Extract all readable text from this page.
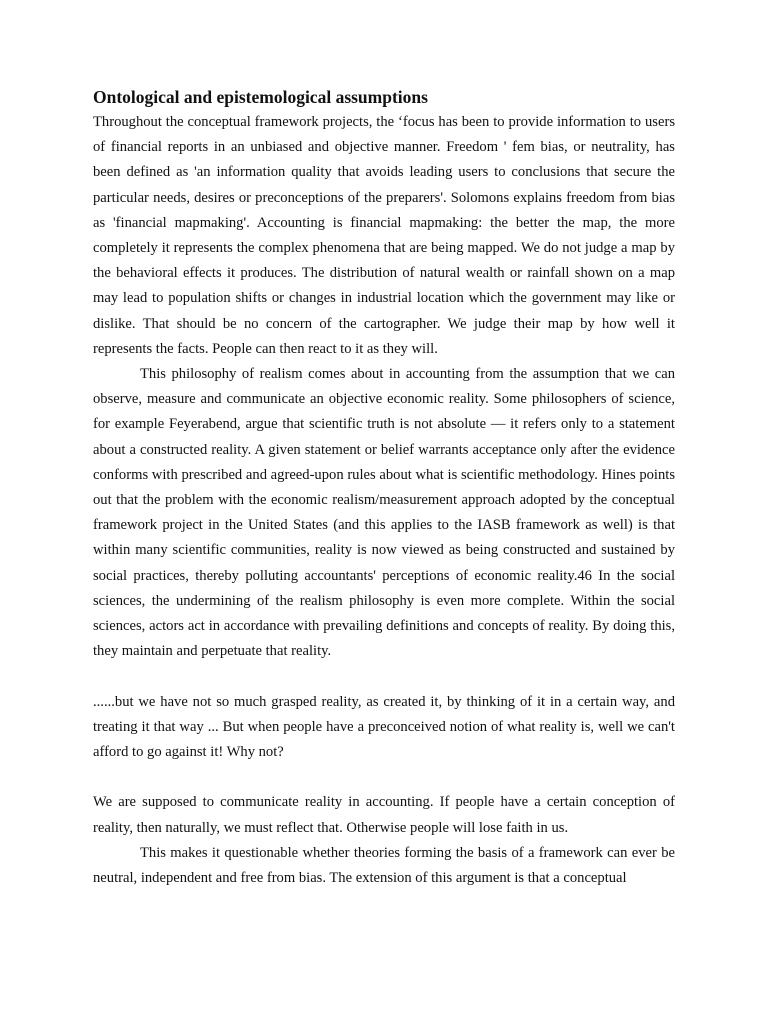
Ontological and epistemological assumptions

Throughout the conceptual framework projects, the ‘focus has been to provide information to users of financial reports in an unbiased and objective manner. Freedom ' fem bias, or neutrality, has been defined as 'an information quality that avoids leading users to conclusions that secure the particular needs, desires or preconceptions of the preparers'. Solomons explains freedom from bias as 'financial mapmaking'. Accounting is financial mapmaking: the better the map, the more completely it represents the complex phenomena that are being mapped. We do not judge a map by the behavioral effects it produces. The distribution of natural wealth or rainfall shown on a map may lead to population shifts or changes in industrial location which the government may like or dislike. That should be no concern of the cartographer. We judge their map by how well it represents the facts. People can then react to it as they will.

This philosophy of realism comes about in accounting from the assumption that we can observe, measure and communicate an objective economic reality. Some philosophers of science, for example Feyerabend, argue that scientific truth is not absolute — it refers only to a statement about a constructed reality. A given statement or belief warrants acceptance only after the evidence conforms with prescribed and agreed-upon rules about what is scientific methodology. Hines points out that the problem with the economic realism/measurement approach adopted by the conceptual framework project in the United States (and this applies to the IASB framework as well) is that within many scientific communities, reality is now viewed as being constructed and sustained by social practices, thereby polluting accountants' perceptions of economic reality.46 In the social sciences, the undermining of the realism philosophy is even more complete. Within the social sciences, actors act in accordance with prevailing definitions and concepts of reality. By doing this, they maintain and perpetuate that reality.

......but we have not so much grasped reality, as created it, by thinking of it in a certain way, and treating it that way ... But when people have a preconceived notion of what reality is, well we can't afford to go against it! Why not?

We are supposed to communicate reality in accounting. If people have a certain conception of reality, then naturally, we must reflect that. Otherwise people will lose faith in us.

This makes it questionable whether theories forming the basis of a framework can ever be neutral, independent and free from bias. The extension of this argument is that a conceptual
